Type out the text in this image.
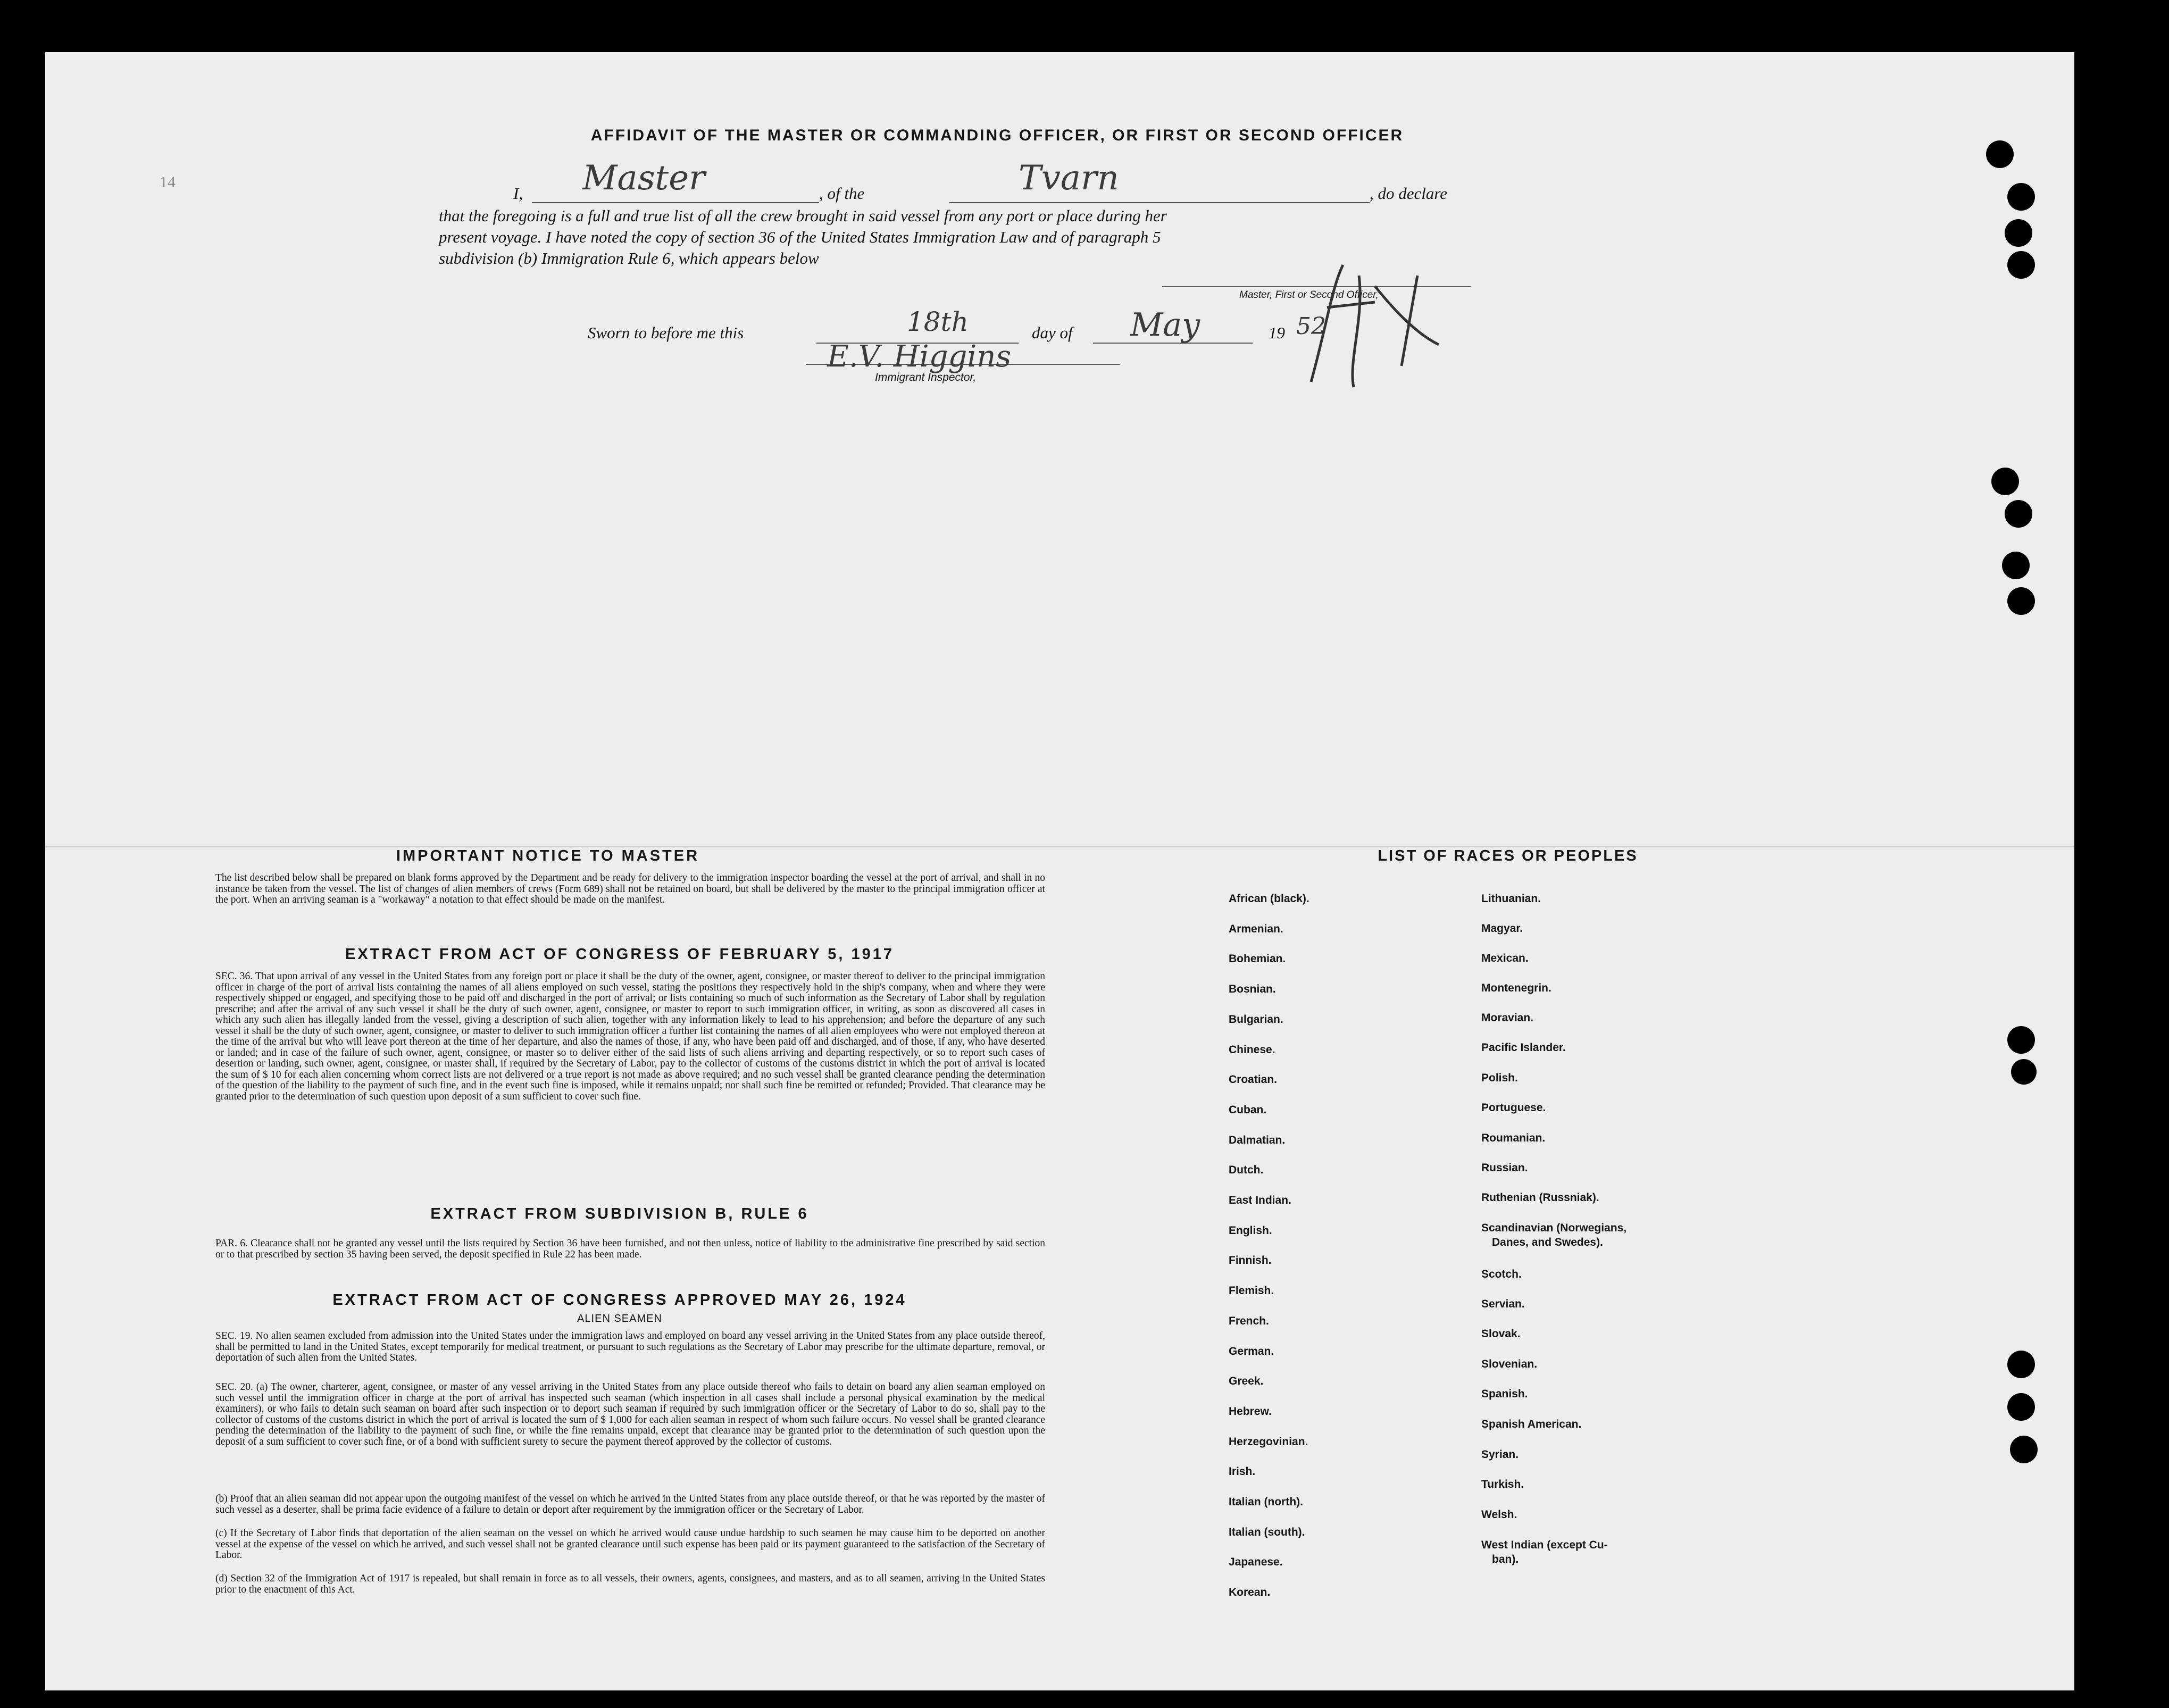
14
AFFIDAVIT OF THE MASTER OR COMMANDING OFFICER, OR FIRST OR SECOND OFFICER
I, Master	, of the	Tvarn	, do declare
that the foregoing is a full and true list of all the crew brought in said vessel from any port or place during her
present voyage. I have noted the copy of section 36 of the United States Immigration Law and of paragraph 5
subdivision (b) Immigration Rule 6, which appears below
Master, First or Second Officer,
Sworn to before me this	18th	day of May	19 52
E.V. Higgins
Immigrant Inspector,
IMPORTANT NOTICE TO MASTER
The list described below shall be prepared on blank forms approved by the Department and be ready for delivery to the immigration inspector boarding the vessel at the port of arrival, and shall in no instance be taken from the vessel. The list of changes of alien members of crews (Form 689) shall not be retained on board, but shall be delivered by the master to the principal immigration officer at the port. When an arriving seaman is a "workaway" a notation to that effect should be made on the manifest.
EXTRACT FROM ACT OF CONGRESS OF FEBRUARY 5, 1917
SEC. 36. That upon arrival of any vessel in the United States from any foreign port or place it shall be the duty of the owner, agent, consignee, or master thereof to deliver to the principal immigration officer in charge of the port of arrival lists containing the names of all aliens employed on such vessel, stating the positions they respectively hold in the ship's company, when and where they were respectively shipped or engaged, and specifying those to be paid off and discharged in the port of arrival; or lists containing so much of such information as the Secretary of Labor shall by regulation prescribe; and after the arrival of any such vessel it shall be the duty of such owner, agent, consignee, or master to report to such immigration officer, in writing, as soon as discovered all cases in which any such alien has illegally landed from the vessel, giving a description of such alien, together with any information likely to lead to his apprehension; and before the departure of any such vessel it shall be the duty of such owner, agent, consignee, or master to deliver to such immigration officer a further list containing the names of all alien employees who were not employed thereon at the time of the arrival but who will leave port thereon at the time of her departure, and also the names of those, if any, who have been paid off and discharged, and of those, if any, who have deserted or landed; and in case of the failure of such owner, agent, consignee, or master so to deliver either of the said lists of such aliens arriving and departing respectively, or so to report such cases of desertion or landing, such owner, agent, consignee, or master shall, if required by the Secretary of Labor, pay to the collector of customs of the customs district in which the port of arrival is located the sum of $ 10 for each alien concerning whom correct lists are not delivered or a true report is not made as above required; and no such vessel shall be granted clearance pending the determination of the question of the liability to the payment of such fine, and in the event such fine is imposed, while it remains unpaid; nor shall such fine be remitted or refunded; Provided. That clearance may be granted prior to the determination of such question upon deposit of a sum sufficient to cover such fine.
EXTRACT FROM SUBDIVISION B, RULE 6
PAR. 6. Clearance shall not be granted any vessel until the lists required by Section 36 have been furnished, and not then unless, notice of liability to the administrative fine prescribed by said section or to that prescribed by section 35 having been served, the deposit specified in Rule 22 has been made.
EXTRACT FROM ACT OF CONGRESS APPROVED MAY 26, 1924
ALIEN SEAMEN
SEC. 19. No alien seamen excluded from admission into the United States under the immigration laws and employed on board any vessel arriving in the United States from any place outside thereof, shall be permitted to land in the United States, except temporarily for medical treatment, or pursuant to such regulations as the Secretary of Labor may prescribe for the ultimate departure, removal, or deportation of such alien from the United States.
SEC. 20. (a) The owner, charterer, agent, consignee, or master of any vessel arriving in the United States from any place outside thereof who fails to detain on board any alien seaman employed on such vessel until the immigration officer in charge at the port of arrival has inspected such seaman (which inspection in all cases shall include a personal physical examination by the medical examiners), or who fails to detain such seaman on board after such inspection or to deport such seaman if required by such immigration officer or the Secretary of Labor to do so, shall pay to the collector of customs of the customs district in which the port of arrival is located the sum of $ 1,000 for each alien seaman in respect of whom such failure occurs. No vessel shall be granted clearance pending the determination of the liability to the payment of such fine, or while the fine remains unpaid, except that clearance may be granted prior to the determination of such question upon the deposit of a sum sufficient to cover such fine, or of a bond with sufficient surety to secure the payment thereof approved by the collector of customs.
(b) Proof that an alien seaman did not appear upon the outgoing manifest of the vessel on which he arrived in the United States from any place outside thereof, or that he was reported by the master of such vessel as a deserter, shall be prima facie evidence of a failure to detain or deport after requirement by the immigration officer or the Secretary of Labor.
(c) If the Secretary of Labor finds that deportation of the alien seaman on the vessel on which he arrived would cause undue hardship to such seamen he may cause him to be deported on another vessel at the expense of the vessel on which he arrived, and such vessel shall not be granted clearance until such expense has been paid or its payment guaranteed to the satisfaction of the Secretary of Labor.
(d) Section 32 of the Immigration Act of 1917 is repealed, but shall remain in force as to all vessels, their owners, agents, consignees, and masters, and as to all seamen, arriving in the United States prior to the enactment of this Act.
LIST OF RACES OR PEOPLES
African (black).
Armenian.
Bohemian.
Bosnian.
Bulgarian.
Chinese.
Croatian.
Cuban.
Dalmatian.
Dutch.
East Indian.
English.
Finnish.
Flemish.
French.
German.
Greek.
Hebrew.
Herzegovinian.
Irish.
Italian (north).
Italian (south).
Japanese.
Korean.
Lithuanian.
Magyar.
Mexican.
Montenegrin.
Moravian.
Pacific Islander.
Polish.
Portuguese.
Roumanian.
Russian.
Ruthenian (Russniak).
Scandinavian (Norwegians,
Danes, and Swedes).
Scotch.
Servian.
Slovak.
Slovenian.
Spanish.
Spanish American.
Syrian.
Turkish.
Welsh.
West Indian (except Cu-
ban).
